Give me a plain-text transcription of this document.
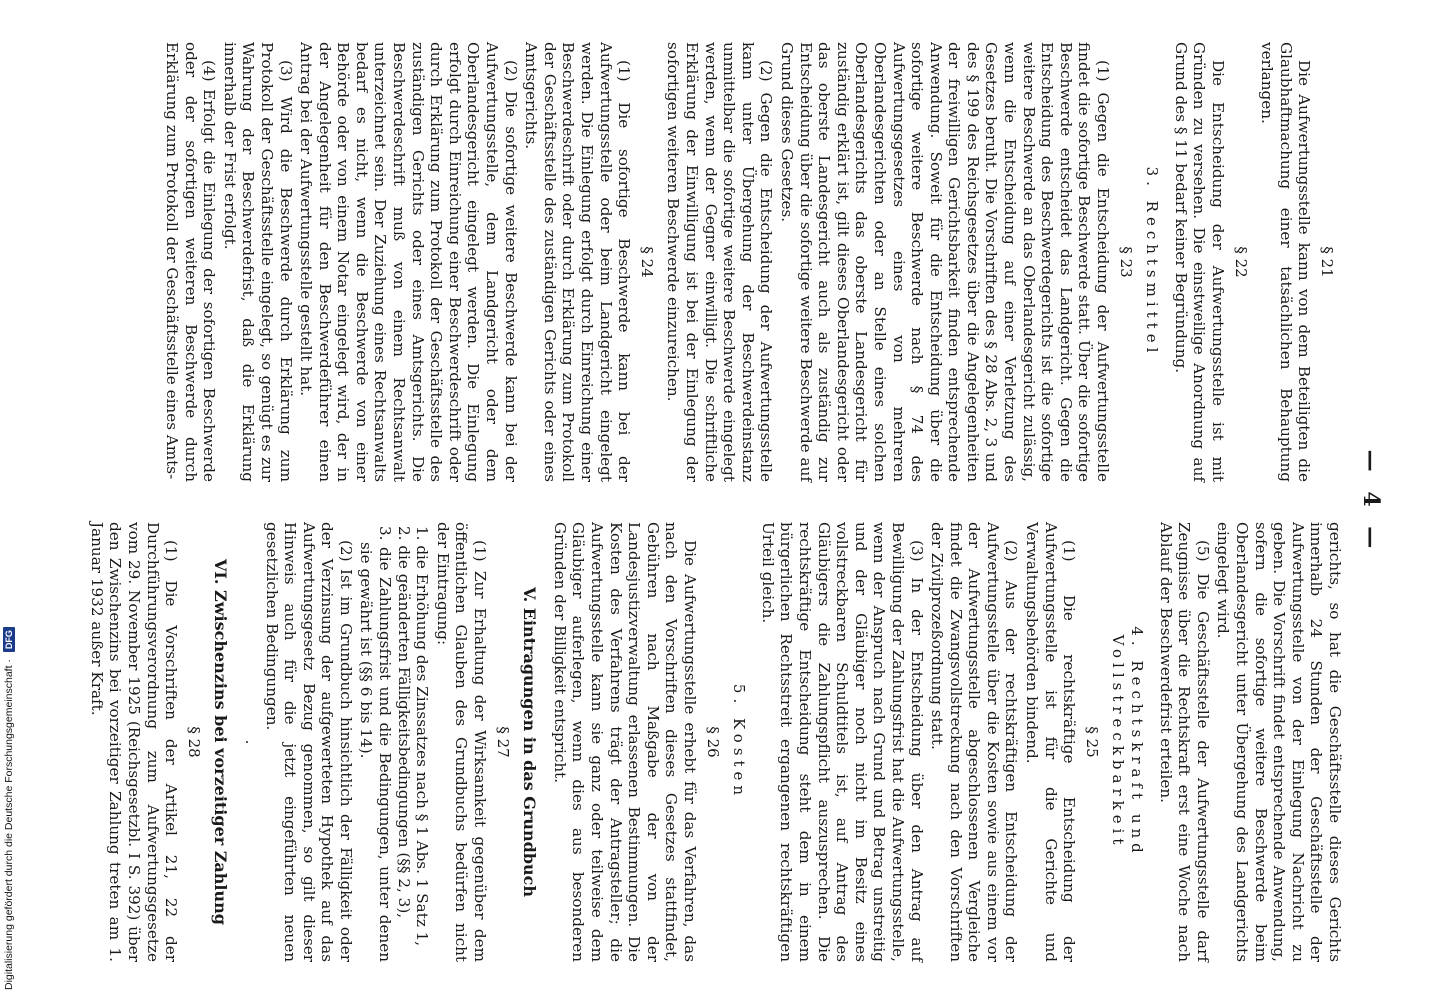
Digitalisierung gefördert durch die Deutsche Forschungsgemeinschaft · DFG
— 4 —
§ 21
Die Aufwertungsstelle kann von dem Beteiligten die Glaubhaftmachung einer tatsächlichen Behauptung verlangen.
§ 22
Die Entscheidung der Aufwertungsstelle ist mit Gründen zu versehen. Die einstweilige Anordnung auf Grund des § 11 bedarf keiner Begründung.
3. Rechtsmittel
§ 23
(1) Gegen die Entscheidung der Aufwertungsstelle findet die sofortige Beschwerde statt. Über die sofortige Beschwerde entscheidet das Landgericht. Gegen die Entscheidung des Beschwerdegerichts ist die sofortige weitere Beschwerde an das Oberlandesgericht zulässig, wenn die Entscheidung auf einer Verletzung des Gesetzes beruht. Die Vorschriften des § 28 Abs. 2, 3 und des § 199 des Reichsgesetzes über die Angelegenheiten der freiwilligen Gerichtsbarkeit finden entsprechende Anwendung. Soweit für die Entscheidung über die sofortige weitere Beschwerde nach § 74 des Aufwertungsgesetzes eines von mehreren Oberlandesgerichten oder an Stelle eines solchen Oberlandesgerichts das oberste Landesgericht für zuständig erklärt ist, gilt dieses Oberlandesgericht oder das oberste Landesgericht auch als zuständig zur Entscheidung über die sofortige weitere Beschwerde auf Grund dieses Gesetzes.
(2) Gegen die Entscheidung der Aufwertungsstelle kann unter Übergehung der Beschwerdeinstanz unmittelbar die sofortige weitere Beschwerde eingelegt werden, wenn der Gegner einwilligt. Die schriftliche Erklärung der Einwilligung ist bei der Einlegung der sofortigen weiteren Beschwerde einzureichen.
§ 24
(1) Die sofortige Beschwerde kann bei der Aufwertungsstelle oder beim Landgericht eingelegt werden. Die Einlegung erfolgt durch Einreichung einer Beschwerdeschrift oder durch Erklärung zum Protokoll der Geschäftsstelle des zuständigen Gerichts oder eines Amtsgerichts.
(2) Die sofortige weitere Beschwerde kann bei der Aufwertungsstelle, dem Landgericht oder dem Oberlandesgericht eingelegt werden. Die Einlegung erfolgt durch Einreichung einer Beschwerdeschrift oder durch Erklärung zum Protokoll der Geschäftsstelle des zuständigen Gerichts oder eines Amtsgerichts. Die Beschwerdeschrift muß von einem Rechtsanwalt unterzeichnet sein. Der Zuziehung eines Rechtsanwalts bedarf es nicht, wenn die Beschwerde von einer Behörde oder von einem Notar eingelegt wird, der in der Angelegenheit für den Beschwerdeführer einen Antrag bei der Aufwertungsstelle gestellt hat.
(3) Wird die Beschwerde durch Erklärung zum Protokoll der Geschäftsstelle eingelegt, so genügt es zur Wahrung der Beschwerdefrist, daß die Erklärung innerhalb der Frist erfolgt.
(4) Erfolgt die Einlegung der sofortigen Beschwerde oder der sofortigen weiteren Beschwerde durch Erklärung zum Protokoll der Geschäftsstelle eines Amts-
gerichts, so hat die Geschäftsstelle dieses Gerichts innerhalb 24 Stunden der Geschäftsstelle der Aufwertungsstelle von der Einlegung Nachricht zu geben. Die Vorschrift findet entsprechende Anwendung, sofern die sofortige weitere Beschwerde beim Oberlandesgericht unter Übergehung des Landgerichts eingelegt wird.
(5) Die Geschäftsstelle der Aufwertungsstelle darf Zeugnisse über die Rechtskraft erst eine Woche nach Ablauf der Beschwerdefrist erteilen.
4. Rechtskraft und Vollstreckbarkeit
§ 25
(1) Die rechtskräftige Entscheidung der Aufwertungsstelle ist für die Gerichte und Verwaltungsbehörden bindend.
(2) Aus der rechtskräftigen Entscheidung der Aufwertungsstelle über die Kosten sowie aus einem vor der Aufwertungsstelle abgeschlossenen Vergleiche findet die Zwangsvollstreckung nach den Vorschriften der Zivilprozeßordnung statt.
(3) In der Entscheidung über den Antrag auf Bewilligung der Zahlungsfrist hat die Aufwertungsstelle, wenn der Anspruch nach Grund und Betrag unstreitig und der Gläubiger noch nicht im Besitz eines vollstreckbaren Schuldtitels ist, auf Antrag des Gläubigers die Zahlungspflicht auszusprechen. Die rechtskräftige Entscheidung steht dem in einem bürgerlichen Rechtsstreit ergangenen rechtskräftigen Urteil gleich.
5. Kosten
§ 26
Die Aufwertungsstelle erhebt für das Verfahren, das nach den Vorschriften dieses Gesetzes stattfindet, Gebühren nach Maßgabe der von der Landesjustizverwaltung erlassenen Bestimmungen. Die Kosten des Verfahrens trägt der Antragsteller; die Aufwertungsstelle kann sie ganz oder teilweise dem Gläubiger auferlegen, wenn dies aus besonderen Gründen der Billigkeit entspricht.
V. Eintragungen in das Grundbuch
§ 27
(1) Zur Erhaltung der Wirksamkeit gegenüber dem öffentlichen Glauben des Grundbuchs bedürfen nicht der Eintragung:
1. die Erhöhung des Zinssatzes nach § 1 Abs. 1 Satz 1,
2. die geänderten Fälligkeitsbedingungen (§§ 2, 3),
3. die Zahlungsfrist und die Bedingungen, unter denen sie gewährt ist (§§ 6 bis 14).
(2) Ist im Grundbuch hinsichtlich der Fälligkeit oder der Verzinsung der aufgewerteten Hypothek auf das Aufwertungsgesetz Bezug genommen, so gilt dieser Hinweis auch für die jetzt eingeführten neuen gesetzlichen Bedingungen.
.
VI. Zwischenzins bei vorzeitiger Zahlung
§ 28
(1) Die Vorschriften der Artikel 21, 22 der Durchführungsverordnung zum Aufwertungsgesetze vom 29. November 1925 (Reichsgesetzbl. I S. 392) über den Zwischenzins bei vorzeitiger Zahlung treten am 1. Januar 1932 außer Kraft.
